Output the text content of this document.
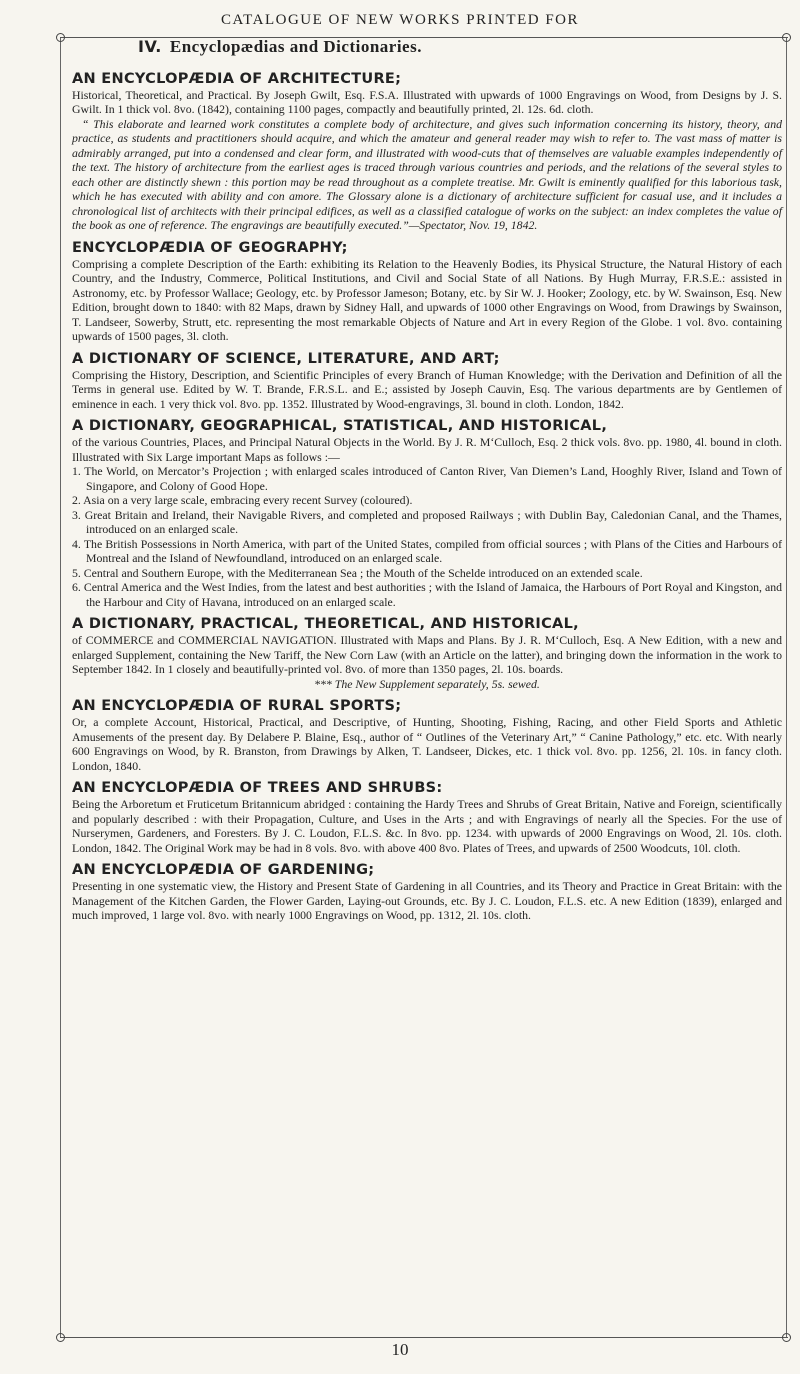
CATALOGUE OF NEW WORKS PRINTED FOR
IV. Encyclopædias and Dictionaries.
AN ENCYCLOPÆDIA OF ARCHITECTURE;
Historical, Theoretical, and Practical. By Joseph Gwilt, Esq. F.S.A. Illustrated with upwards of 1000 Engravings on Wood, from Designs by J. S. Gwilt. In 1 thick vol. 8vo. (1842), containing 1100 pages, compactly and beautifully printed, 2l. 12s. 6d. cloth.
“ This elaborate and learned work constitutes a complete body of architecture, and gives such information concerning its history, theory, and practice, as students and practitioners should acquire, and which the amateur and general reader may wish to refer to. The vast mass of matter is admirably arranged, put into a condensed and clear form, and illustrated with wood-cuts that of themselves are valuable examples independently of the text. The history of architecture from the earliest ages is traced through various countries and periods, and the relations of the several styles to each other are distinctly shewn : this portion may be read throughout as a complete treatise. Mr. Gwilt is eminently qualified for this laborious task, which he has executed with ability and con amore. The Glossary alone is a dictionary of architecture sufficient for casual use, and it includes a chronological list of architects with their principal edifices, as well as a classified catalogue of works on the subject: an index completes the value of the book as one of reference. The engravings are beautifully executed.”—Spectator, Nov. 19, 1842.
ENCYCLOPÆDIA OF GEOGRAPHY;
Comprising a complete Description of the Earth: exhibiting its Relation to the Heavenly Bodies, its Physical Structure, the Natural History of each Country, and the Industry, Commerce, Political Institutions, and Civil and Social State of all Nations. By Hugh Murray, F.R.S.E.: assisted in Astronomy, etc. by Professor Wallace; Geology, etc. by Professor Jameson; Botany, etc. by Sir W. J. Hooker; Zoology, etc. by W. Swainson, Esq. New Edition, brought down to 1840: with 82 Maps, drawn by Sidney Hall, and upwards of 1000 other Engravings on Wood, from Drawings by Swainson, T. Landseer, Sowerby, Strutt, etc. representing the most remarkable Objects of Nature and Art in every Region of the Globe. 1 vol. 8vo. containing upwards of 1500 pages, 3l. cloth.
A DICTIONARY OF SCIENCE, LITERATURE, AND ART;
Comprising the History, Description, and Scientific Principles of every Branch of Human Knowledge; with the Derivation and Definition of all the Terms in general use. Edited by W. T. Brande, F.R.S.L. and E.; assisted by Joseph Cauvin, Esq. The various departments are by Gentlemen of eminence in each. 1 very thick vol. 8vo. pp. 1352. Illustrated by Wood-engravings, 3l. bound in cloth. London, 1842.
A DICTIONARY, GEOGRAPHICAL, STATISTICAL, AND HISTORICAL,
of the various Countries, Places, and Principal Natural Objects in the World. By J. R. M‘Culloch, Esq. 2 thick vols. 8vo. pp. 1980, 4l. bound in cloth. Illustrated with Six Large important Maps as follows :—
1. The World, on Mercator’s Projection ; with enlarged scales introduced of Canton River, Van Diemen’s Land, Hooghly River, Island and Town of Singapore, and Colony of Good Hope.
2. Asia on a very large scale, embracing every recent Survey (coloured).
3. Great Britain and Ireland, their Navigable Rivers, and completed and proposed Railways ; with Dublin Bay, Caledonian Canal, and the Thames, introduced on an enlarged scale.
4. The British Possessions in North America, with part of the United States, compiled from official sources ; with Plans of the Cities and Harbours of Montreal and the Island of Newfoundland, introduced on an enlarged scale.
5. Central and Southern Europe, with the Mediterranean Sea ; the Mouth of the Schelde introduced on an extended scale.
6. Central America and the West Indies, from the latest and best authorities ; with the Island of Jamaica, the Harbours of Port Royal and Kingston, and the Harbour and City of Havana, introduced on an enlarged scale.
A DICTIONARY, PRACTICAL, THEORETICAL, AND HISTORICAL,
of COMMERCE and COMMERCIAL NAVIGATION. Illustrated with Maps and Plans. By J. R. M‘Culloch, Esq. A New Edition, with a new and enlarged Supplement, containing the New Tariff, the New Corn Law (with an Article on the latter), and bringing down the information in the work to September 1842. In 1 closely and beautifully-printed vol. 8vo. of more than 1350 pages, 2l. 10s. boards.
*** The New Supplement separately, 5s. sewed.
AN ENCYCLOPÆDIA OF RURAL SPORTS;
Or, a complete Account, Historical, Practical, and Descriptive, of Hunting, Shooting, Fishing, Racing, and other Field Sports and Athletic Amusements of the present day. By Delabere P. Blaine, Esq., author of “ Outlines of the Veterinary Art,” “ Canine Pathology,” etc. etc. With nearly 600 Engravings on Wood, by R. Branston, from Drawings by Alken, T. Landseer, Dickes, etc. 1 thick vol. 8vo. pp. 1256, 2l. 10s. in fancy cloth. London, 1840.
AN ENCYCLOPÆDIA OF TREES AND SHRUBS:
Being the Arboretum et Fruticetum Britannicum abridged : containing the Hardy Trees and Shrubs of Great Britain, Native and Foreign, scientifically and popularly described : with their Propagation, Culture, and Uses in the Arts ; and with Engravings of nearly all the Species. For the use of Nurserymen, Gardeners, and Foresters. By J. C. Loudon, F.L.S. &c. In 8vo. pp. 1234. with upwards of 2000 Engravings on Wood, 2l. 10s. cloth. London, 1842. The Original Work may be had in 8 vols. 8vo. with above 400 8vo. Plates of Trees, and upwards of 2500 Woodcuts, 10l. cloth.
AN ENCYCLOPÆDIA OF GARDENING;
Presenting in one systematic view, the History and Present State of Gardening in all Countries, and its Theory and Practice in Great Britain: with the Management of the Kitchen Garden, the Flower Garden, Laying-out Grounds, etc. By J. C. Loudon, F.L.S. etc. A new Edition (1839), enlarged and much improved, 1 large vol. 8vo. with nearly 1000 Engravings on Wood, pp. 1312, 2l. 10s. cloth.
10
